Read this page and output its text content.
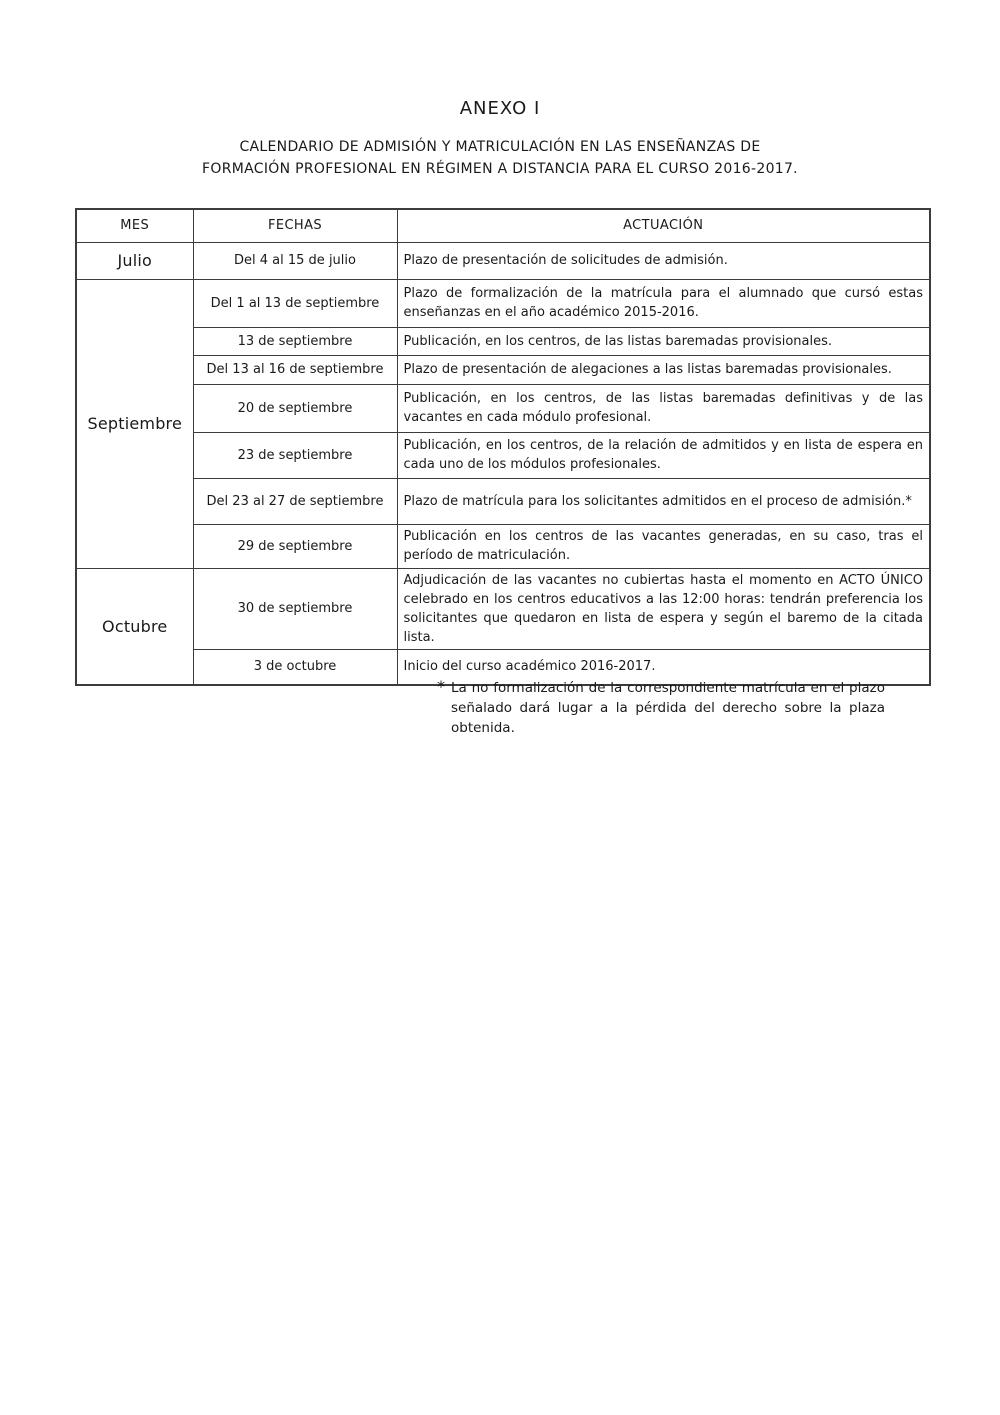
ANEXO I
CALENDARIO DE ADMISIÓN Y MATRICULACIÓN EN LAS ENSEÑANZAS DE
FORMACIÓN PROFESIONAL EN RÉGIMEN A DISTANCIA PARA EL CURSO 2016-2017.
MES	FECHAS	ACTUACIÓN
Julio	Del 4 al 15 de julio	Plazo de presentación de solicitudes de admisión.
Septiembre	Del 1 al 13 de septiembre	Plazo de formalización de la matrícula para el alumnado que cursó estas enseñanzas en el año académico 2015-2016.
	13 de septiembre	Publicación, en los centros, de las listas baremadas provisionales.
	Del 13 al 16 de septiembre	Plazo de presentación de alegaciones a las listas baremadas provisionales.
	20 de septiembre	Publicación, en los centros, de las listas baremadas definitivas y de las vacantes en cada módulo profesional.
	23 de septiembre	Publicación, en los centros, de la relación de admitidos y en lista de espera en cada uno de los módulos profesionales.
	Del 23 al 27 de septiembre	Plazo de matrícula para los solicitantes admitidos en el proceso de admisión.*
	29 de septiembre	Publicación en los centros de las vacantes generadas, en su caso, tras el período de matriculación.
Octubre	30 de septiembre	Adjudicación de las vacantes no cubiertas hasta el momento en ACTO ÚNICO celebrado en los centros educativos a las 12:00 horas: tendrán preferencia los solicitantes que quedaron en lista de espera y según el baremo de la citada lista.
	3 de octubre	Inicio del curso académico 2016-2017.
* La no formalización de la correspondiente matrícula en el plazo señalado dará lugar a la pérdida del derecho sobre la plaza obtenida.
